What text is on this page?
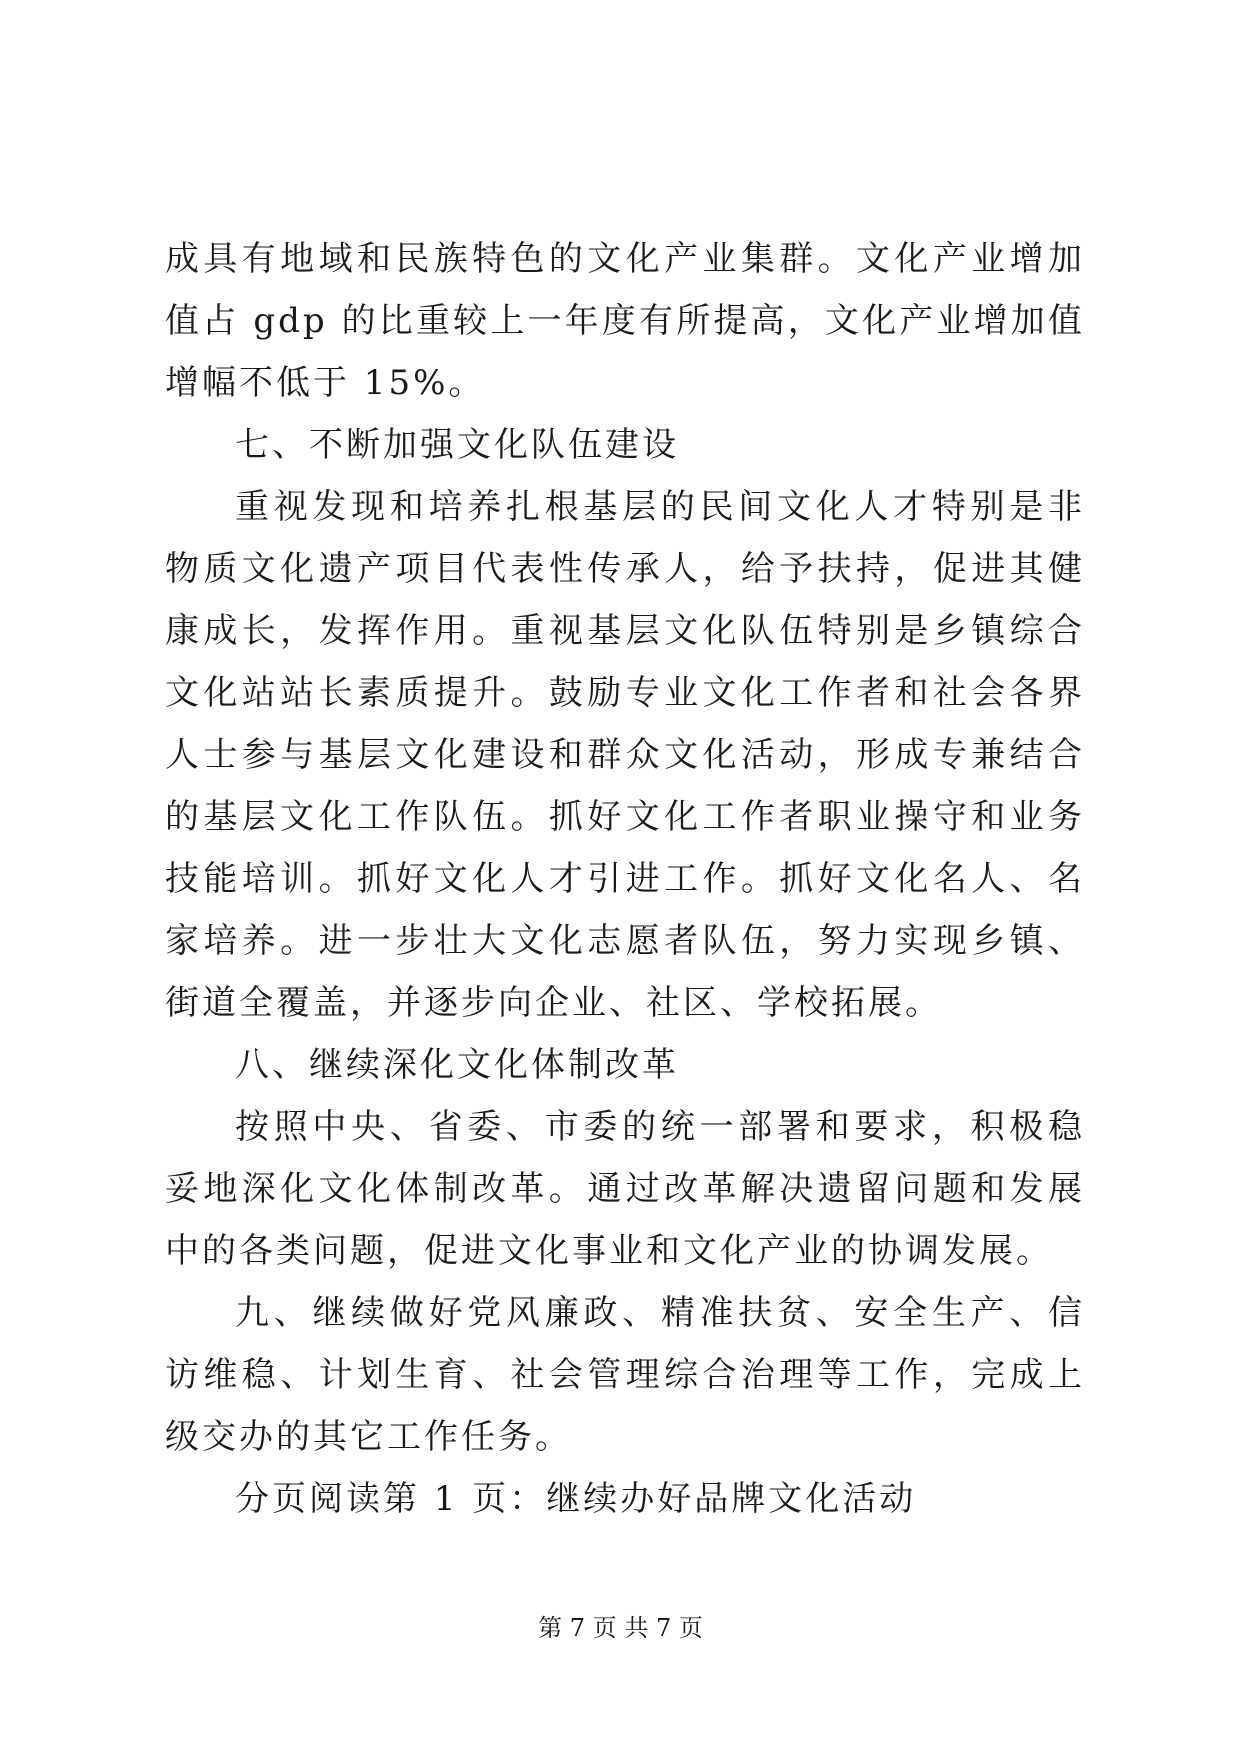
成具有地域和民族特色的文化产业集群。文化产业增加值占 gdp 的比重较上一年度有所提高，文化产业增加值增幅不低于 15%。

七、不断加强文化队伍建设

重视发现和培养扎根基层的民间文化人才特别是非物质文化遗产项目代表性传承人，给予扶持，促进其健康成长，发挥作用。重视基层文化队伍特别是乡镇综合文化站站长素质提升。鼓励专业文化工作者和社会各界人士参与基层文化建设和群众文化活动，形成专兼结合的基层文化工作队伍。抓好文化工作者职业操守和业务技能培训。抓好文化人才引进工作。抓好文化名人、名家培养。进一步壮大文化志愿者队伍，努力实现乡镇、街道全覆盖，并逐步向企业、社区、学校拓展。

八、继续深化文化体制改革

按照中央、省委、市委的统一部署和要求，积极稳妥地深化文化体制改革。通过改革解决遗留问题和发展中的各类问题，促进文化事业和文化产业的协调发展。

九、继续做好党风廉政、精准扶贫、安全生产、信访维稳、计划生育、社会管理综合治理等工作，完成上级交办的其它工作任务。

分页阅读第 1 页：继续办好品牌文化活动

第 7 页 共 7 页
